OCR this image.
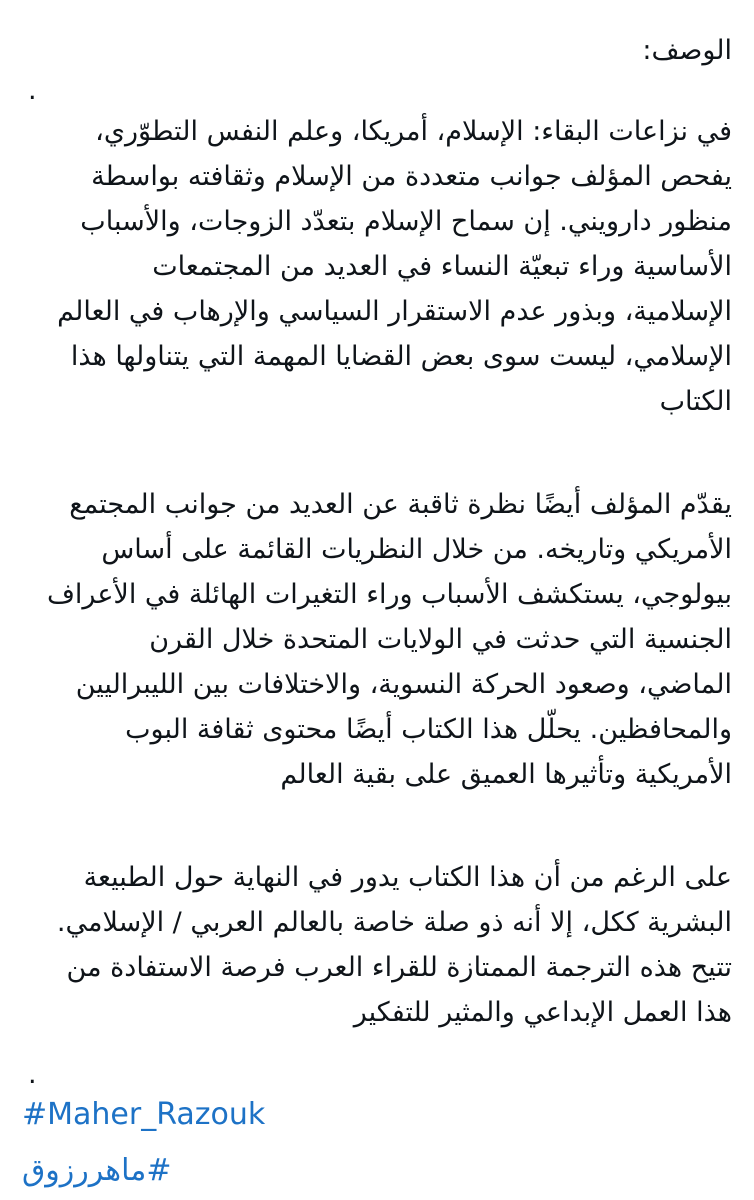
الوصف:
.
في نزاعات البقاء: الإسلام، أمريكا، وعلم النفس التطوّري،
يفحص المؤلف جوانب متعددة من الإسلام وثقافته بواسطة
منظور دارويني. إن سماح الإسلام بتعدّد الزوجات، والأسباب
الأساسية وراء تبعيّة النساء في العديد من المجتمعات
الإسلامية، وبذور عدم الاستقرار السياسي والإرهاب في العالم
الإسلامي، ليست سوى بعض القضايا المهمة التي يتناولها هذا
الكتاب
يقدّم المؤلف أيضًا نظرة ثاقبة عن العديد من جوانب المجتمع
الأمريكي وتاريخه. من خلال النظريات القائمة على أساس
بيولوجي، يستكشف الأسباب وراء التغيرات الهائلة في الأعراف
الجنسية التي حدثت في الولايات المتحدة خلال القرن
الماضي، وصعود الحركة النسوية، والاختلافات بين الليبراليين
والمحافظين. يحلّل هذا الكتاب أيضًا محتوى ثقافة البوب
الأمريكية وتأثيرها العميق على بقية العالم
على الرغم من أن هذا الكتاب يدور في النهاية حول الطبيعة
البشرية ككل، إلا أنه ذو صلة خاصة بالعالم العربي / الإسلامي.
تتيح هذه الترجمة الممتازة للقراء العرب فرصة الاستفادة من
هذا العمل الإبداعي والمثير للتفكير
.
#Maher_Razouk
#ماهررزوق
